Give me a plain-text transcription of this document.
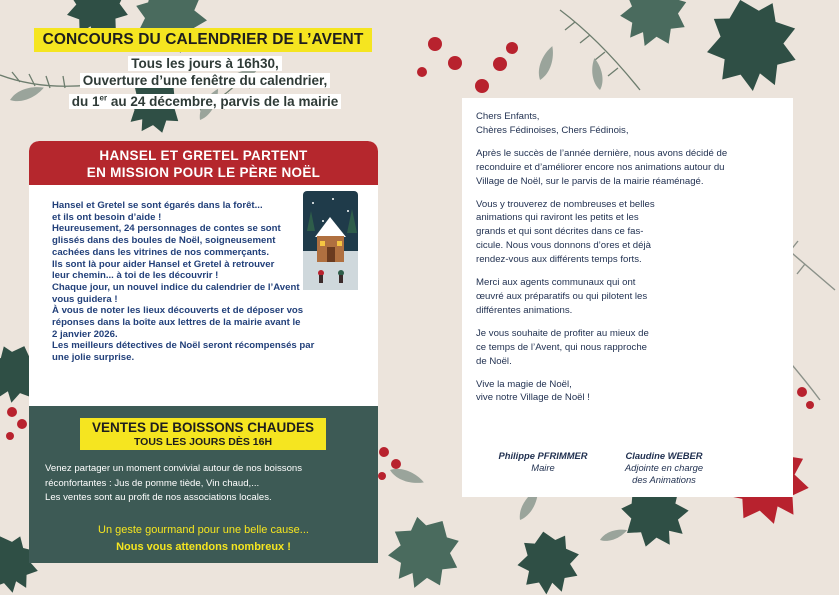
CONCOURS DU CALENDRIER DE L’AVENT
Tous les jours à 16h30,
Ouverture d’une fenêtre du calendrier,
du 1er au 24 décembre, parvis de la mairie
HANSEL ET GRETEL PARTENT
EN MISSION POUR LE PÈRE NOËL
Hansel et Gretel se sont égarés dans la forêt...
et ils ont besoin d’aide !
Heureusement, 24 personnages de contes se sont
glissés dans des boules de Noël, soigneusement
cachées dans les vitrines de nos commerçants.
Ils sont là pour aider Hansel et Gretel à retrouver
leur chemin... à toi de les découvrir !
Chaque jour, un nouvel indice du calendrier de l’Avent
vous guidera !
À vous de noter les lieux découverts et de déposer vos
réponses dans la boîte aux lettres de la mairie avant le
2 janvier 2026.
Les meilleurs détectives de Noël seront récompensés par
une jolie surprise.
VENTES DE BOISSONS CHAUDES
TOUS LES JOURS DÈS 16H
Venez partager un moment convivial autour de nos boissons
réconfortantes : Jus de pomme tiède, Vin chaud,...
Les ventes sont au profit de nos associations locales.
Un geste gourmand pour une belle cause...
Nous vous attendons nombreux !
Chers Enfants,
Chères Fédinoises, Chers Fédinois,
Après le succès de l’année dernière, nous avons décidé de
reconduire et d’améliorer encore nos animations autour du
Village de Noël, sur le parvis de la mairie réaménagé.
Vous y trouverez de nombreuses et belles
animations qui raviront les petits et les
grands et qui sont décrites dans ce fas-
cicule. Nous vous donnons d’ores et déjà
rendez-vous aux différents temps forts.
Merci aux agents communaux qui ont
œuvré aux préparatifs ou qui pilotent les
différentes animations.
Je vous souhaite de profiter au mieux de
ce temps de l’Avent, qui nous rapproche
de Noël.
Vive la magie de Noël,
vive notre Village de Noël !
Philippe PFRIMMER
Maire
Claudine WEBER
Adjointe en charge
des Animations
